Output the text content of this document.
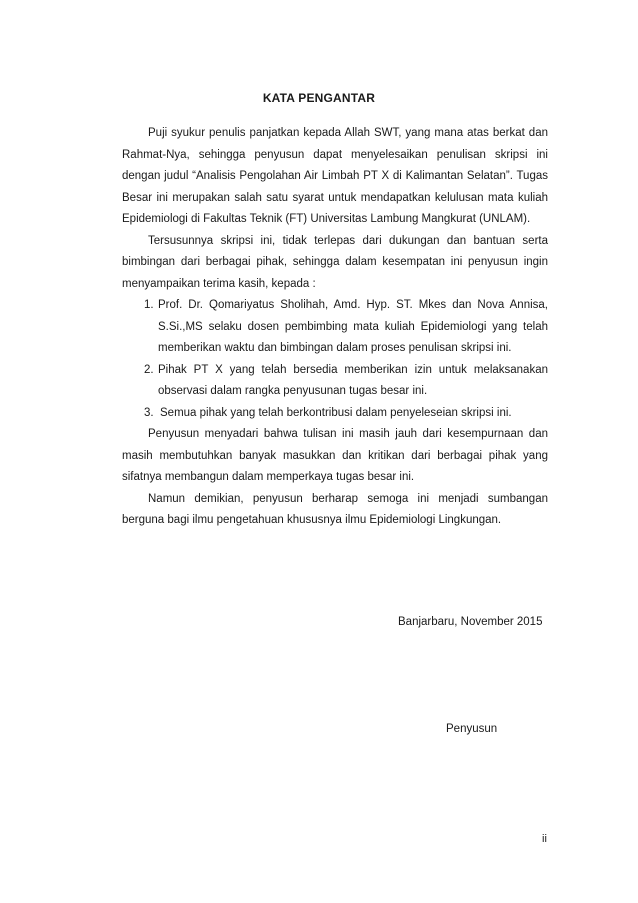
KATA PENGANTAR

Puji syukur penulis panjatkan kepada Allah SWT, yang mana atas berkat dan Rahmat-Nya, sehingga penyusun dapat menyelesaikan penulisan skripsi ini dengan judul “Analisis Pengolahan Air Limbah PT X di Kalimantan Selatan”. Tugas Besar ini merupakan salah satu syarat untuk mendapatkan kelulusan mata kuliah Epidemiologi di Fakultas Teknik (FT) Universitas Lambung Mangkurat (UNLAM).

Tersusunnya skripsi ini, tidak terlepas dari dukungan dan bantuan serta bimbingan dari berbagai pihak, sehingga dalam kesempatan ini penyusun ingin menyampaikan terima kasih, kepada :

1. Prof. Dr. Qomariyatus Sholihah, Amd. Hyp. ST. Mkes dan Nova Annisa, S.Si.,MS selaku dosen pembimbing mata kuliah Epidemiologi yang telah memberikan waktu dan bimbingan dalam proses penulisan skripsi ini.
2. Pihak PT X yang telah bersedia memberikan izin untuk melaksanakan observasi dalam rangka penyusunan tugas besar ini.
3. Semua pihak yang telah berkontribusi dalam penyeleseian skripsi ini.

Penyusun menyadari bahwa tulisan ini masih jauh dari kesempurnaan dan masih membutuhkan banyak masukkan dan kritikan dari berbagai pihak yang sifatnya membangun dalam memperkaya tugas besar ini.

Namun demikian, penyusun berharap semoga ini menjadi sumbangan berguna bagi ilmu pengetahuan khususnya ilmu Epidemiologi Lingkungan.

Banjarbaru, November 2015
Penyusun
ii
